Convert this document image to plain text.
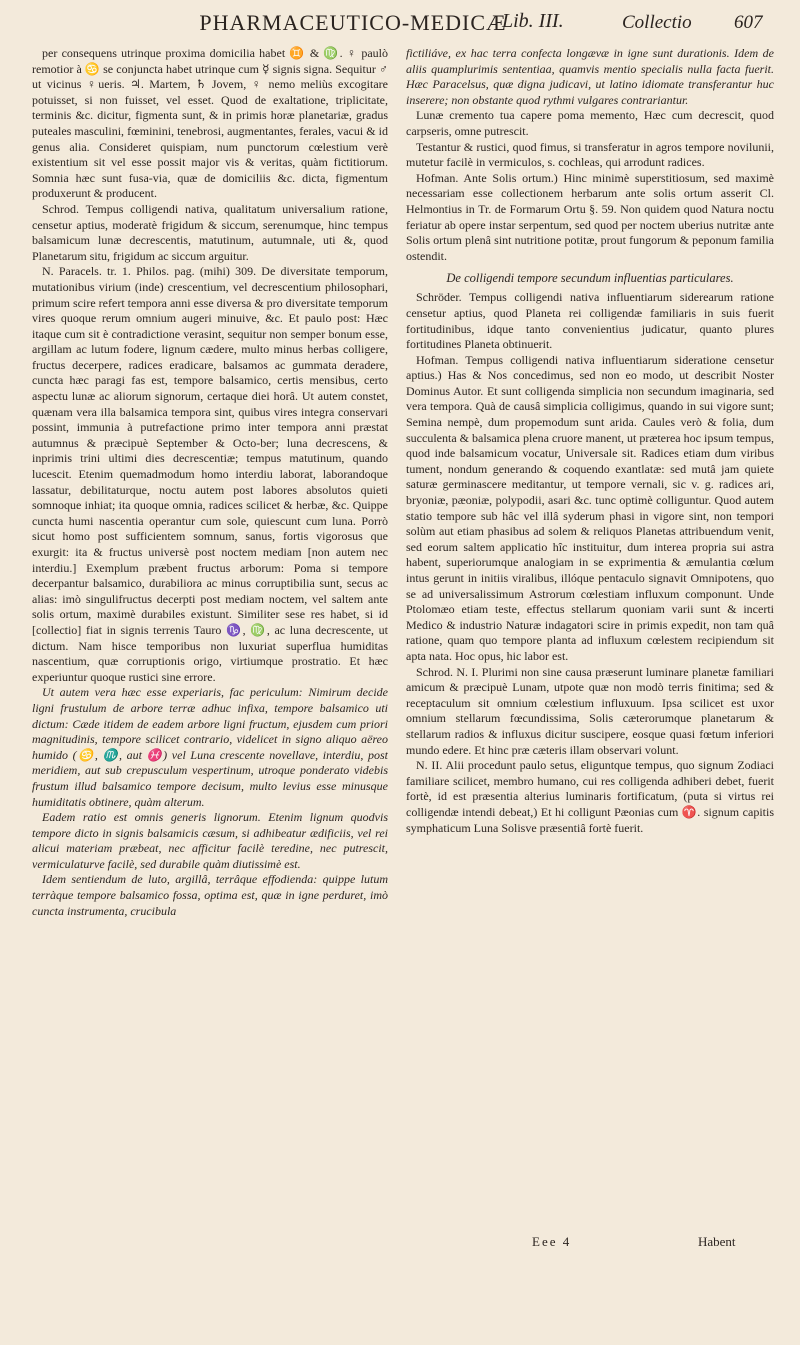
PHARMACEUTICO-MEDICÆ
Lib. III.	Collectio 607

per consequens utrinque proxima domicilia habet ♊ & ♍. ♀ paulò remotior à ♋ se conjuncta habet utrinque cum ☿ signis signa. Sequitur ♂ ut vicinus ♀ueris. ♃. Martem, ♄ Jovem, ♀ nemo meliùs excogitare potuisset, si non fuisset, vel esset. Quod de exaltatione, triplicitate, terminis &c. dicitur, figmenta sunt, & in primis horæ planetariæ, gradus puteales masculini, fœminini, tenebrosi, augmentantes, ferales, vacui & id genus alia. Consideret quispiam, num punctorum cœlestium verè existentium sit vel esse possit major vis & veritas, quàm fictitiorum. Somnia hæc sunt fusa-via, quæ de domiciliis &c. dicta, figmentum produxerunt & producent.

Schrod. Tempus colligendi nativa, qualitatum universalium ratione, censetur aptius, moderatè frigidum & siccum, serenumque, hinc tempus balsamicum lunæ decrescentis, matutinum, autumnale, uti &, quod Planetarum situ, frigidum ac siccum arguitur.

N. Paracels. tr. 1. Philos. pag. (mihi) 309. De diversitate temporum, mutationibus virium (inde) crescentium, vel decrescentium philosophari, primum scire refert tempora anni esse diversa & pro diversitate temporum vires quoque rerum omnium augeri minuive, &c. Et paulo post: Hæc itaque cum sit è contradictione verasint, sequitur non semper bonum esse, argillam ac lutum fodere, lignum cædere, multo minus herbas colligere, fructus decerpere, radices eradicare, balsamos ac gummata deradere, cuncta hæc paragi fas est, tempore balsamico, certis mensibus, certo aspectu lunæ ac aliorum signorum, certaque diei horâ. Ut autem constet, quænam vera illa balsamica tempora sint, quibus vires integra conservari possint, immunia à putrefactione primo inter tempora anni præstat autumnus & præcipuè September & Octo-ber; luna decrescens, & inprimis trini ultimi dies decrescentiæ; tempus matutinum, quando lucescit. Etenim quemadmodum homo interdiu laborat, laborandoque lassatur, debilitaturque, noctu autem post labores absolutos quieti somnoque inhiat; ita quoque omnia, radices scilicet & herbæ, &c. Quippe cuncta humi nascentia operantur cum sole, quiescunt cum luna. Porrò sicut homo post sufficientem somnum, sanus, fortis vigorosus que exurgit: ita & fructus universè post noctem mediam [non autem nec interdiu.] Exemplum præbent fructus arborum: Poma si tempore decerpantur balsamico, durabiliora ac minus corruptibilia sunt, secus ac alias: imò singulifructus decerpti post mediam noctem, vel saltem ante solis ortum, maximè durabiles existunt. Similiter sese res habet, si id [collectio] fiat in signis terrenis Tauro ♑, ♍, ac luna decrescente, ut dictum. Nam hisce temporibus non luxuriat superflua humiditas nascentium, quæ corruptionis origo, virtiumque prostratio. Et hæc experiuntur quoque rustici sine errore.

Ut autem vera hæc esse experiaris, fac periculum: Nimirum decide ligni frustulum de arbore terræ adhuc infixa, tempore balsamico uti dictum: Cæde itidem de eadem arbore ligni fructum, ejusdem cum priori magnitudinis, tempore scilicet contrario, videlicet in signo aliquo aëreo humido (♋, ♏, aut ♓) vel Luna crescente novellave, interdiu, post meridiem, aut sub crepusculum vespertinum, utroque ponderato videbis frustum illud balsamico tempore decisum, multo levius esse minusque humiditatis obtinere, quàm alterum.

Eadem ratio est omnis generis lignorum. Etenim lignum quodvis tempore dicto in signis balsamicis cæsum, si adhibeatur ædificiis, vel rei alicui materiam præbeat, nec afficitur facilè teredine, nec putrescit, vermiculaturve facilè, sed durabile quàm diutissimè est.

Idem sentiendum de luto, argillâ, terrâque effodienda: quippe lutum terràque tempore balsamico fossa, optima est, quæ in igne perduret, imò cuncta instrumenta, crucibula

fictiliáve, ex hac terra confecta longævæ in igne sunt durationis. Idem de aliis quamplurimis sententiaa, quamvis mentio specialis nulla facta fuerit. Hæc Paracelsus, quæ digna judicavi, ut latino idiomate transferantur huc inserere; non obstante quod rythmi vulgares contrariantur.

Lunæ cremento tua capere poma memento, Hæc cum decrescit, quod carpseris, omne putrescit.

Testantur & rustici, quod fimus, si transferatur in agros tempore novilunii, mutetur facilè in vermiculos, s. cochleas, qui arrodunt radices.

Hofman. Ante Solis ortum.) Hinc minimè superstitiosum, sed maximè necessariam esse collectionem herbarum ante solis ortum asserit Cl. Helmontius in Tr. de Formarum Ortu §. 59. Non quidem quod Natura noctu feriatur ab opere instar serpentum, sed quod per noctem uberius nutritæ ante Solis ortum plenâ sint nutritione potitæ, prout fungorum & peponum familia ostendit.

De colligendi tempore secundum influentias particulares.

Schröder. Tempus colligendi nativa influentiarum siderearum ratione censetur aptius, quod Planeta rei colligendæ familiaris in suis fuerit fortitudinibus, idque tanto convenientius judicatur, quanto plures fortitudines Planeta obtinuerit.

Hofman. Tempus colligendi nativa influentiarum sideratione censetur aptius.) Has & Nos concedimus, sed non eo modo, ut describit Noster Dominus Autor. Et sunt colligenda simplicia non secundum imaginaria, sed vera tempora. Quà de causâ simplicia colligimus, quando in sui vigore sunt; Semina nempè, dum propemodum sunt arida. Caules verò & folia, dum succulenta & balsamica plena cruore manent, ut præterea hoc ipsum tempus, quod inde balsamicum vocatur, Universale sit. Radices etiam dum viribus tument, nondum generando & coquendo exantlatæ: sed mutâ jam quiete saturæ germinascere meditantur, ut tempore vernali, sic v. g. radices ari, bryoniæ, pæoniæ, polypodii, asari &c. tunc optimè colliguntur. Quod autem statio tempore sub hâc vel illâ syderum phasi in vigore sint, non tempori solùm aut etiam phasibus ad solem & reliquos Planetas attribuendum venit, sed eorum saltem applicatio hîc instituitur, dum interea propria sui astra habent, superiorumque analogiam in se exprimentia & æmulantia cœlum intus gerunt in initiis viralibus, illóque pentaculo signavit Omnipotens, quo se ad universalissimum Astrorum cœlestiam influxum componunt. Unde Ptolomæo etiam teste, effectus stellarum quoniam varii sunt & incerti Medico & industrio Naturæ indagatori scire in primis expedit, non tam quâ ratione, quam quo tempore planta ad influxum cœlestem recipiendum sit apta nata. Hoc opus, hic labor est.

Schrod. N. I. Plurimi non sine causa præserunt luminare planetæ familiari amicum & præcipuè Lunam, utpote quæ non modò terris finitima; sed & receptaculum sit omnium cœlestium influxuum. Ipsa scilicet est uxor omnium stellarum fœcundissima, Solis cæterorumque planetarum & stellarum radios & influxus dicitur suscipere, eosque quasi fœtum inferiori mundo edere. Et hinc præ cæteris illam observari volunt.

N. II. Alii procedunt paulo setus, eliguntque tempus, quo signum Zodiaci familiare scilicet, membro humano, cui res colligenda adhiberi debet, fuerit fortè, id est præsentia alterius luminaris fortificatum, (puta si virtus rei colligendæ intendi debeat,) Et hi colligunt Pæonias cum ♈. signum capitis symphaticum Luna Solisve præsentiâ fortè fuerit.

Eee 4	Habent
